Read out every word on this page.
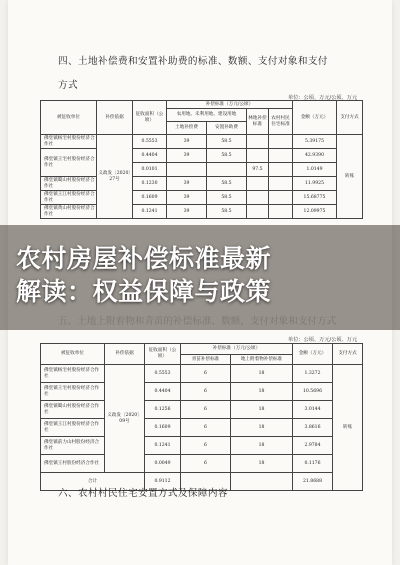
四、土地补偿费和安置补助费的标准、数额、支付对象和支付
方式
单位：公顷、万元/公顷、万元
被征收单位	补偿依据	征收面积（公顷）	补偿标准（万元/公顷）				金额（万元）	支付方式
			农用地、未利用地、建设用地		林地补偿标准	农村村民住宅标准		
			土地补偿费	安置补助费				
佛堂镇杨宅村股份经济合作社	义政发〔2020〕27号	0.5553	39	58.5			5.39175	转账
佛堂镇王宅村股份经济合作社		0.4404	39	58.5			42.9390	
		0.0101			97.5		1.0149	
佛堂镇蜀山村股份经济合作社		0.1230	39	58.5			11.9925	
佛堂镇王江村股份经济合作社		0.1609	39	58.5			15.68775	
佛堂镇黄山村股份经济合作社		0.1241	39	58.5			12.09975	
五、土地上附着物和青苗的补偿标准、数额、支付对象和支付方式
农村房屋补偿标准最新
解读：权益保障与政策
单位：公顷、万元/公顷、万元
被征收单位	补偿依据	征收面积（公顷）	补偿标准（万元/公顷）		金额（万元）	支付方式
			青苗补偿标准	地上附着物补偿标准		
佛堂镇杨宅村股份经济合作社	义政发〔2020〕09号	0.5553	6	18	1.3272	转账
佛堂镇王宅村股份经济合作社		0.4404	6	18	10.5696	
佛堂镇蜀山村股份经济合作社		0.1256	6	18	3.0144	
佛堂镇王江村股份经济合作社		0.1609	6	18	3.8616	
佛堂镇前力山村股份经济合作社		0.1241	6	18	2.9784	
佛堂镇王村股份经济合作社		0.0049	6	18	0.1176	
合计		0.9112			21.8688	
六、农村村民住宅安置方式及保障内容
